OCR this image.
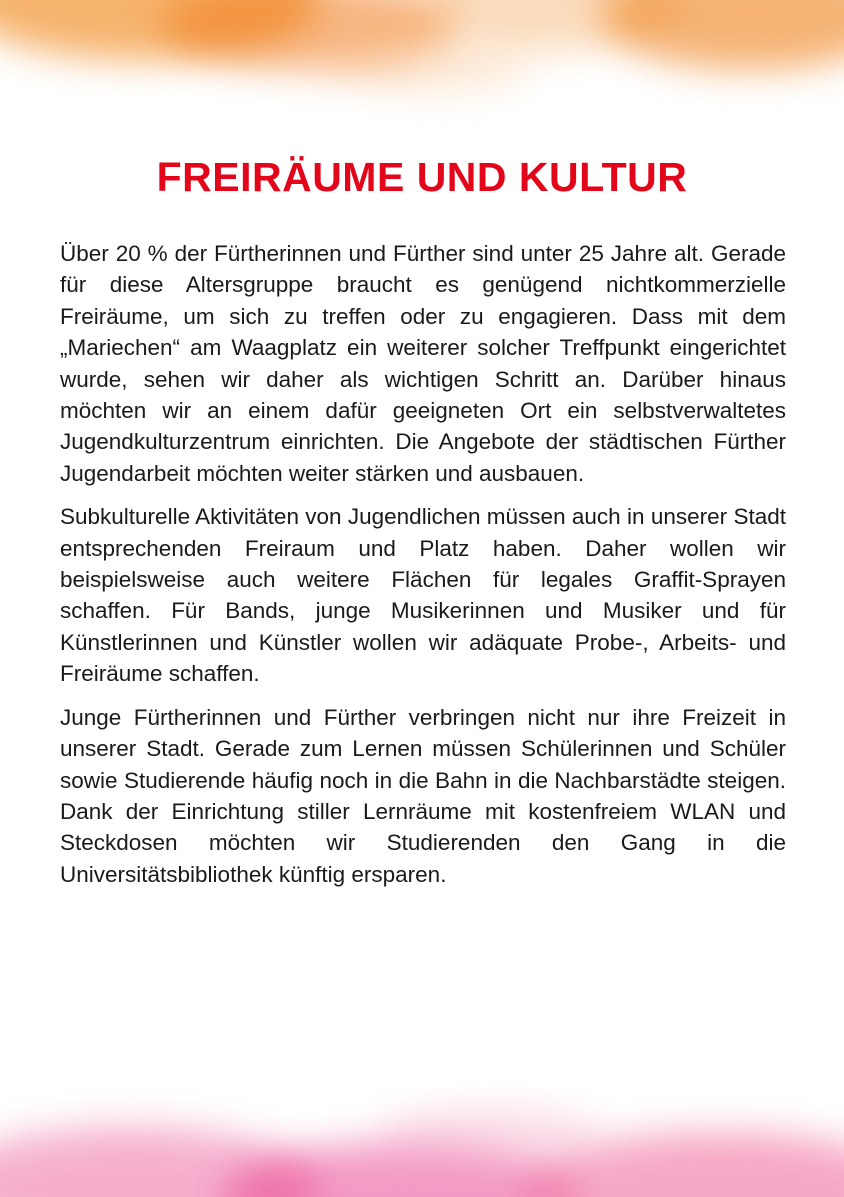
FREIRÄUME UND KULTUR

Über 20 % der Fürtherinnen und Fürther sind unter 25 Jahre alt. Gerade für diese Altersgruppe braucht es genügend nichtkommerzielle Freiräume, um sich zu treffen oder zu engagieren. Dass mit dem „Mariechen“ am Waagplatz ein weiterer solcher Treffpunkt eingerichtet wurde, sehen wir daher als wichtigen Schritt an. Darüber hinaus möchten wir an einem dafür geeigneten Ort ein selbstverwaltetes Jugendkulturzentrum einrichten. Die Angebote der städtischen Fürther Jugendarbeit möchten weiter stärken und ausbauen.

Subkulturelle Aktivitäten von Jugendlichen müssen auch in unserer Stadt entsprechenden Freiraum und Platz haben. Daher wollen wir beispielsweise auch weitere Flächen für legales Graffit-Sprayen schaffen. Für Bands, junge Musikerinnen und Musiker und für Künstlerinnen und Künstler wollen wir adäquate Probe-, Arbeits- und Freiräume schaffen.

Junge Fürtherinnen und Fürther verbringen nicht nur ihre Freizeit in unserer Stadt. Gerade zum Lernen müssen Schülerinnen und Schüler sowie Studierende häufig noch in die Bahn in die Nachbarstädte steigen. Dank der Einrichtung stiller Lernräume mit kostenfreiem WLAN und Steckdosen möchten wir Studierenden den Gang in die Universitätsbibliothek künftig ersparen.
